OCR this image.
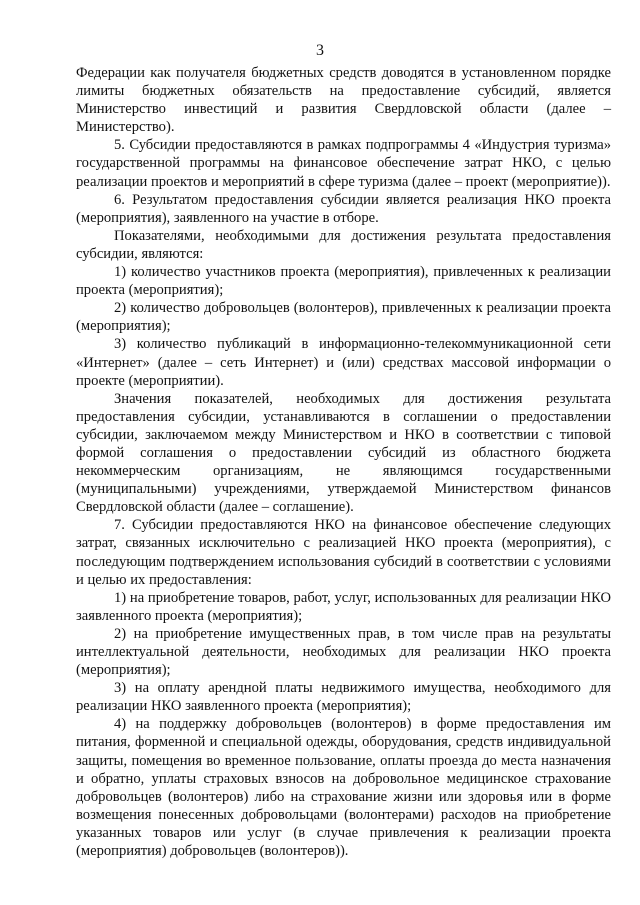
3

Федерации как получателя бюджетных средств доводятся в установленном порядке лимиты бюджетных обязательств на предоставление субсидий, является Министерство инвестиций и развития Свердловской области (далее – Министерство).

5. Субсидии предоставляются в рамках подпрограммы 4 «Индустрия туризма» государственной программы на финансовое обеспечение затрат НКО, с целью реализации проектов и мероприятий в сфере туризма (далее – проект (мероприятие)).

6. Результатом предоставления субсидии является реализация НКО проекта (мероприятия), заявленного на участие в отборе.

Показателями, необходимыми для достижения результата предоставления субсидии, являются:

1) количество участников проекта (мероприятия), привлеченных к реализации проекта (мероприятия);

2) количество добровольцев (волонтеров), привлеченных к реализации проекта (мероприятия);

3) количество публикаций в информационно-телекоммуникационной сети «Интернет» (далее – сеть Интернет) и (или) средствах массовой информации о проекте (мероприятии).

Значения показателей, необходимых для достижения результата предоставления субсидии, устанавливаются в соглашении о предоставлении субсидии, заключаемом между Министерством и НКО в соответствии с типовой формой соглашения о предоставлении субсидий из областного бюджета некоммерческим организациям, не являющимся государственными (муниципальными) учреждениями, утверждаемой Министерством финансов Свердловской области (далее – соглашение).

7. Субсидии предоставляются НКО на финансовое обеспечение следующих затрат, связанных исключительно с реализацией НКО проекта (мероприятия), с последующим подтверждением использования субсидий в соответствии с условиями и целью их предоставления:

1) на приобретение товаров, работ, услуг, использованных для реализации НКО заявленного проекта (мероприятия);

2) на приобретение имущественных прав, в том числе прав на результаты интеллектуальной деятельности, необходимых для реализации НКО проекта (мероприятия);

3) на оплату арендной платы недвижимого имущества, необходимого для реализации НКО заявленного проекта (мероприятия);

4) на поддержку добровольцев (волонтеров) в форме предоставления им питания, форменной и специальной одежды, оборудования, средств индивидуальной защиты, помещения во временное пользование, оплаты проезда до места назначения и обратно, уплаты страховых взносов на добровольное медицинское страхование добровольцев (волонтеров) либо на страхование жизни или здоровья или в форме возмещения понесенных добровольцами (волонтерами) расходов на приобретение указанных товаров или услуг (в случае привлечения к реализации проекта (мероприятия) добровольцев (волонтеров)).
